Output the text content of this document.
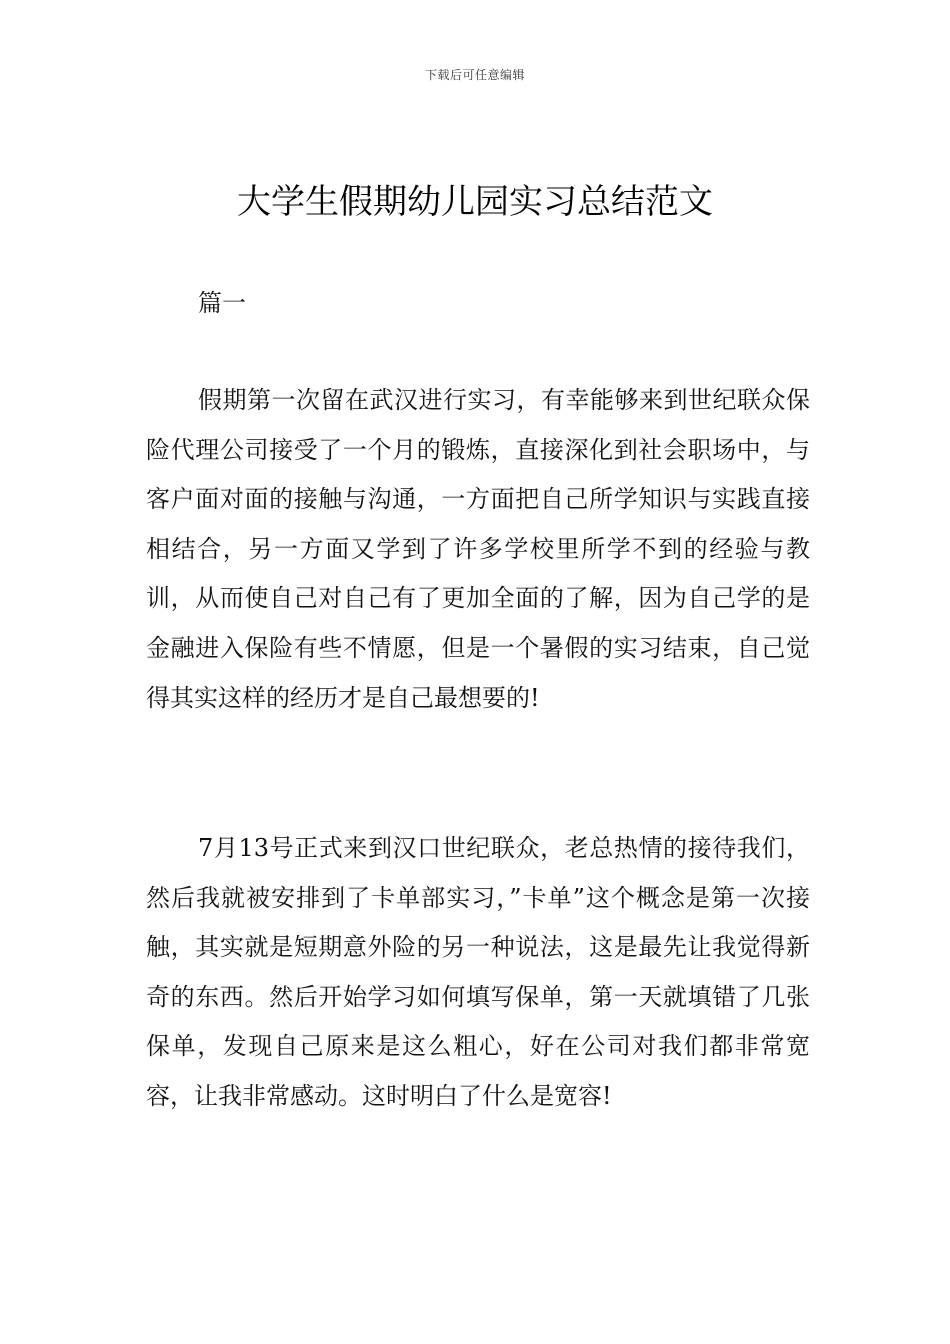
下载后可任意编辑
大学生假期幼儿园实习总结范文
篇一

假期第一次留在武汉进行实习，有幸能够来到世纪联众保险代理公司接受了一个月的锻炼，直接深化到社会职场中，与客户面对面的接触与沟通，一方面把自己所学知识与实践直接相结合，另一方面又学到了许多学校里所学不到的经验与教训，从而使自己对自己有了更加全面的了解，因为自己学的是金融进入保险有些不情愿，但是一个暑假的实习结束，自己觉得其实这样的经历才是自己最想要的!

7月13号正式来到汉口世纪联众，老总热情的接待我们，然后我就被安排到了卡单部实习，”卡单”这个概念是第一次接触，其实就是短期意外险的另一种说法，这是最先让我觉得新奇的东西。然后开始学习如何填写保单，第一天就填错了几张保单，发现自己原来是这么粗心，好在公司对我们都非常宽容，让我非常感动。这时明白了什么是宽容!
